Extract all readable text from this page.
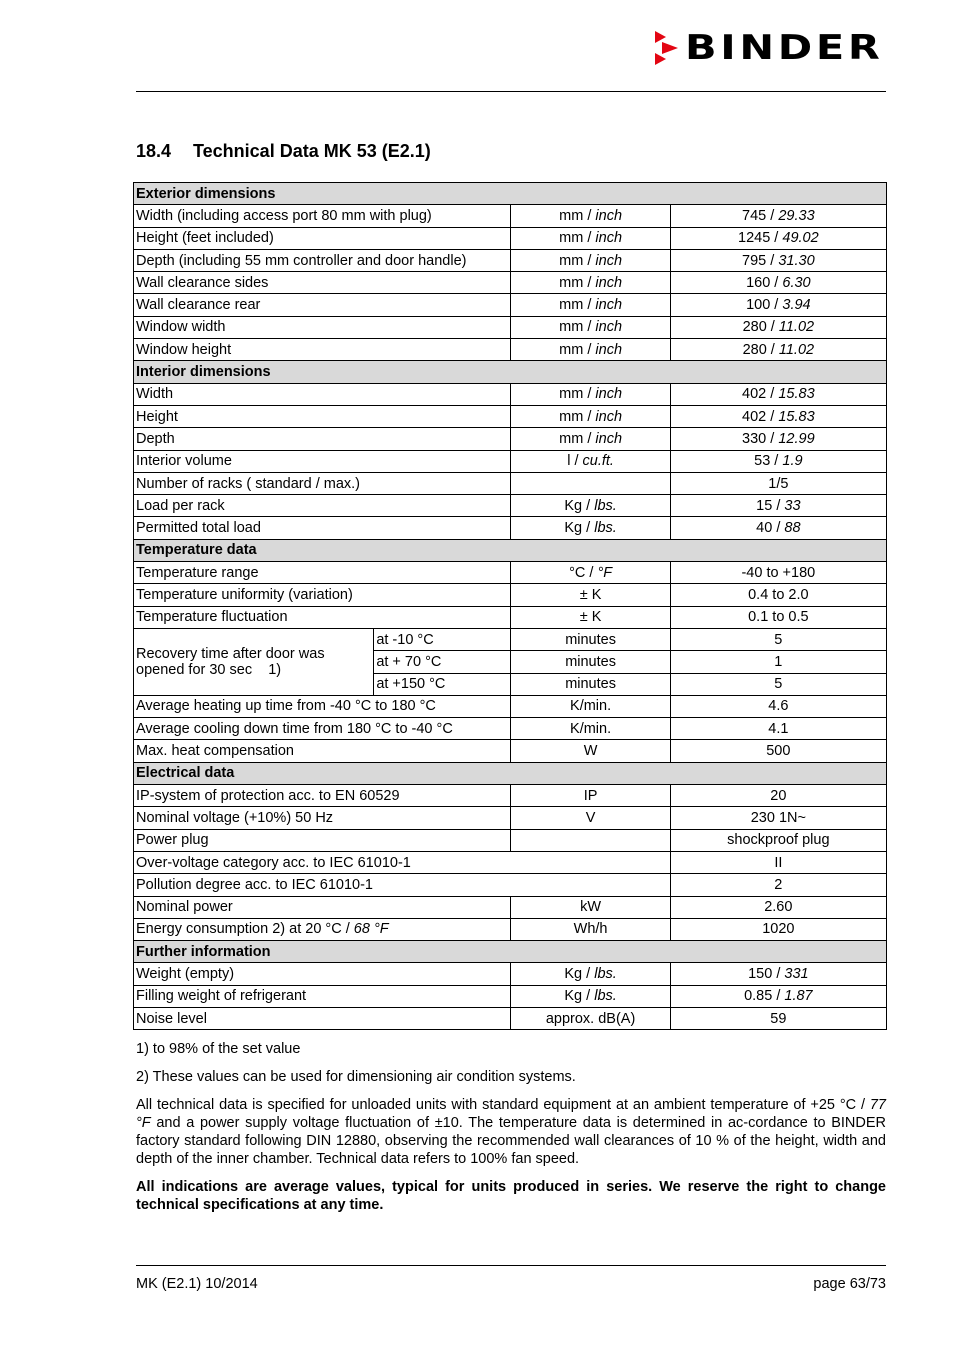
BINDER
18.4 Technical Data MK 53 (E2.1)
Exterior dimensions			
Width (including access port 80 mm with plug)		mm / inch	745 / 29.33
Height (feet included)		mm / inch	1245 / 49.02
Depth (including 55 mm controller and door handle)		mm / inch	795 / 31.30
Wall clearance sides		mm / inch	160 / 6.30
Wall clearance rear		mm / inch	100 / 3.94
Window width		mm / inch	280 / 11.02
Window height		mm / inch	280 / 11.02
Interior dimensions			
Width		mm / inch	402 / 15.83
Height		mm / inch	402 / 15.83
Depth		mm / inch	330 / 12.99
Interior volume		l / cu.ft.	53 / 1.9
Number of racks ( standard / max.)			1/5
Load per rack		Kg / lbs.	15 / 33
Permitted total load		Kg / lbs.	40 / 88
Temperature data			
Temperature range		°C / °F	-40 to +180
Temperature uniformity (variation)		± K	0.4 to 2.0
Temperature fluctuation		± K	0.1 to 0.5
Recovery time after door was opened for 30 sec    1)	at -10 °C	minutes	5
	at + 70 °C	minutes	1
	at +150 °C	minutes	5
Average heating up time from -40 °C to 180 °C		K/min.	4.6
Average cooling down time from 180 °C to -40 °C		K/min.	4.1
Max. heat compensation		W	500
Electrical data			
IP-system of protection acc. to EN 60529		IP	20
Nominal voltage (+10%) 50 Hz		V	230 1N~
Power plug			shockproof plug
Over-voltage category acc. to IEC 61010-1			II
Pollution degree acc. to IEC 61010-1			2
Nominal power		kW	2.60
Energy consumption 2) at 20 °C / 68 °F		Wh/h	1020
Further information			
Weight (empty)		Kg / lbs.	150 / 331
Filling weight of refrigerant		Kg / lbs.	0.85 / 1.87
Noise level		approx. dB(A)	59

1) to 98% of the set value

2) These values can be used for dimensioning air condition systems.

All technical data is specified for unloaded units with standard equipment at an ambient temperature of +25 °C / 77 °F and a power supply voltage fluctuation of ±10. The temperature data is determined in ac-cordance to BINDER factory standard following DIN 12880, observing the recommended wall clearances of 10 % of the height, width and depth of the inner chamber. Technical data refers to 100% fan speed.

All indications are average values, typical for units produced in series. We reserve the right to change technical specifications at any time.

MK (E2.1) 10/2014	page 63/73
